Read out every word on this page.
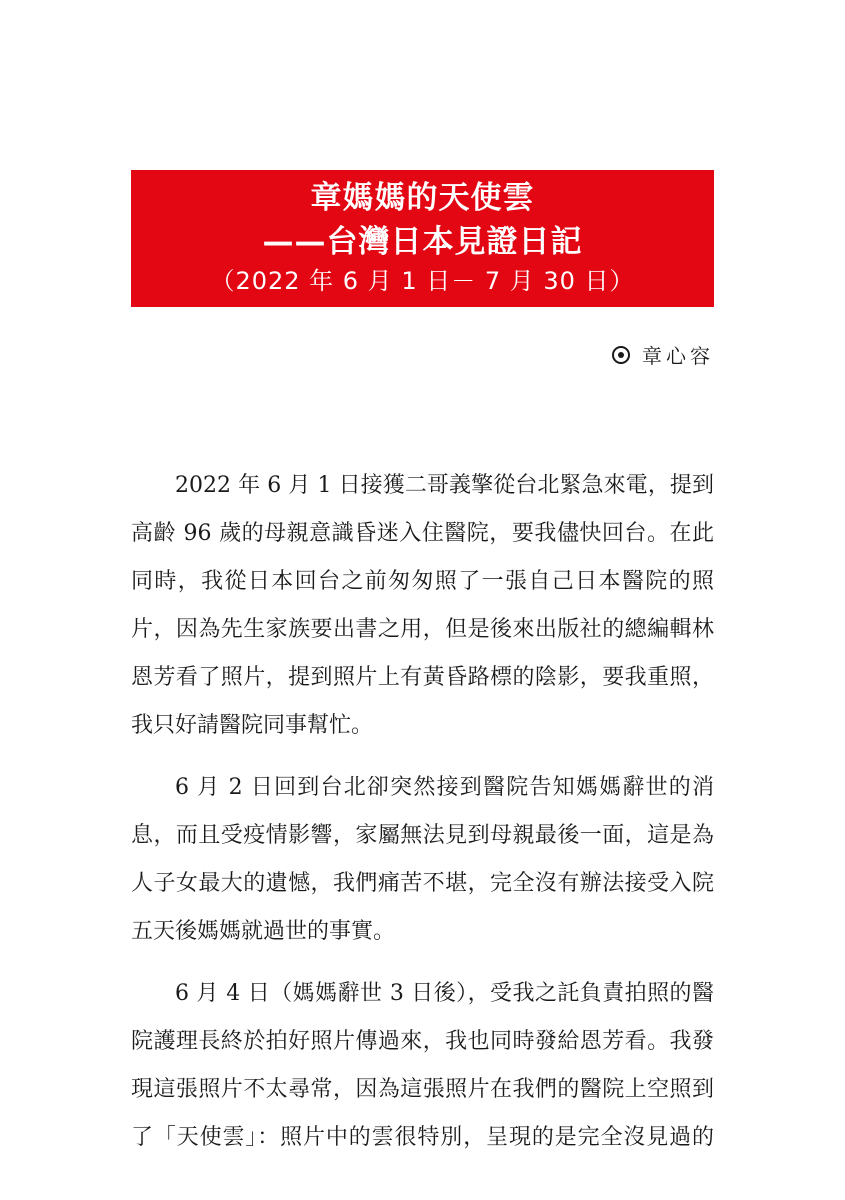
章媽媽的天使雲
——台灣日本見證日記
（2022 年 6 月 1 日－ 7 月 30 日）
章心容
2022 年 6 月 1 日接獲二哥義擎從台北緊急來電，提到
高齡 96 歲的母親意識昏迷入住醫院，要我儘快回台。在此
同時，我從日本回台之前匆匆照了一張自己日本醫院的照
片，因為先生家族要出書之用，但是後來出版社的總編輯林
恩芳看了照片，提到照片上有黃昏路標的陰影，要我重照，
我只好請醫院同事幫忙。
6 月 2 日回到台北卻突然接到醫院告知媽媽辭世的消
息，而且受疫情影響，家屬無法見到母親最後一面，這是為
人子女最大的遺憾，我們痛苦不堪，完全沒有辦法接受入院
五天後媽媽就過世的事實。
6 月 4 日（媽媽辭世 3 日後），受我之託負責拍照的醫
院護理長終於拍好照片傳過來，我也同時發給恩芳看。我發
現這張照片不太尋常，因為這張照片在我們的醫院上空照到
了「天使雲」：照片中的雲很特別，呈現的是完全沒見過的
